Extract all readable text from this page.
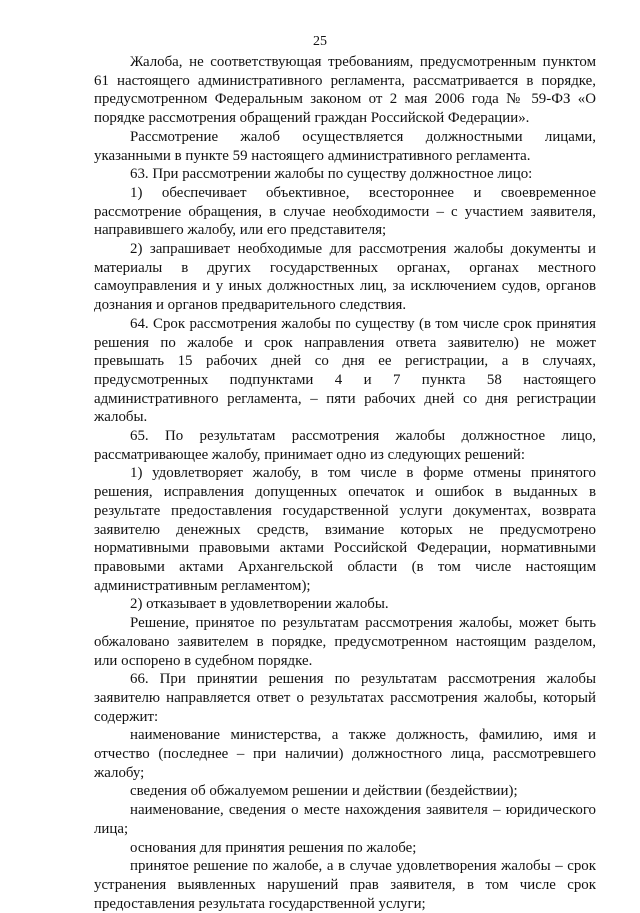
25

Жалоба, не соответствующая требованиям, предусмотренным пунктом 61 настоящего административного регламента, рассматривается в порядке, предусмотренном Федеральным законом от 2 мая 2006 года № 59-ФЗ «О порядке рассмотрения обращений граждан Российской Федерации».

Рассмотрение жалоб осуществляется должностными лицами, указанными в пункте 59 настоящего административного регламента.

63. При рассмотрении жалобы по существу должностное лицо:

1) обеспечивает объективное, всестороннее и своевременное рассмотрение обращения, в случае необходимости – с участием заявителя, направившего жалобу, или его представителя;

2) запрашивает необходимые для рассмотрения жалобы документы и материалы в других государственных органах, органах местного самоуправления и у иных должностных лиц, за исключением судов, органов дознания и органов предварительного следствия.

64. Срок рассмотрения жалобы по существу (в том числе срок принятия решения по жалобе и срок направления ответа заявителю) не может превышать 15 рабочих дней со дня ее регистрации, а в случаях, предусмотренных подпунктами 4 и 7 пункта 58 настоящего административного регламента, – пяти рабочих дней со дня регистрации жалобы.

65. По результатам рассмотрения жалобы должностное лицо, рассматривающее жалобу, принимает одно из следующих решений:

1) удовлетворяет жалобу, в том числе в форме отмены принятого решения, исправления допущенных опечаток и ошибок в выданных в результате предоставления государственной услуги документах, возврата заявителю денежных средств, взимание которых не предусмотрено нормативными правовыми актами Российской Федерации, нормативными правовыми актами Архангельской области (в том числе настоящим административным регламентом);

2) отказывает в удовлетворении жалобы.

Решение, принятое по результатам рассмотрения жалобы, может быть обжаловано заявителем в порядке, предусмотренном настоящим разделом, или оспорено в судебном порядке.

66. При принятии решения по результатам рассмотрения жалобы заявителю направляется ответ о результатах рассмотрения жалобы, который содержит:

наименование министерства, а также должность, фамилию, имя и отчество (последнее – при наличии) должностного лица, рассмотревшего жалобу;

сведения об обжалуемом решении и действии (бездействии);

наименование, сведения о месте нахождения заявителя – юридического лица;

основания для принятия решения по жалобе;

принятое решение по жалобе, а в случае удовлетворения жалобы – срок устранения выявленных нарушений прав заявителя, в том числе срок предоставления результата государственной услуги;
